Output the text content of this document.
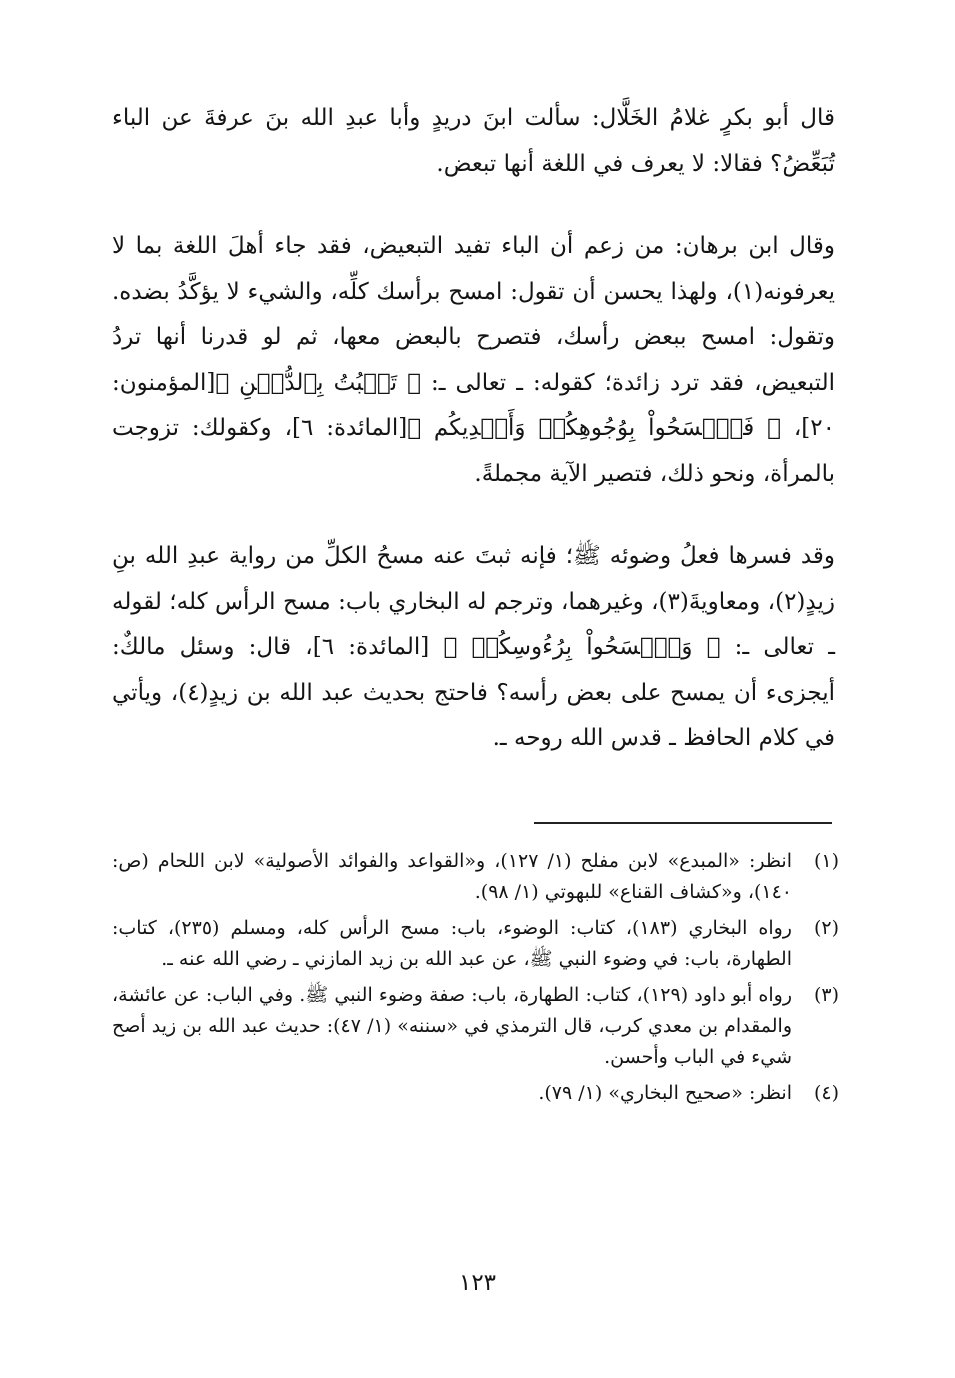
قال أبو بكرٍ غلامُ الخَلَّال: سألت ابنَ دريدٍ وأبا عبدِ الله بنَ عرفةَ عن الباء تُبَعِّضُ؟ فقالا: لا يعرف في اللغة أنها تبعض.

وقال ابن برهان: من زعم أن الباء تفيد التبعيض، فقد جاء أهلَ اللغة بما لا يعرفونه(١)، ولهذا يحسن أن تقول: امسح برأسك كلِّه، والشيء لا يؤكَّدُ بضده. وتقول: امسح ببعض رأسك، فتصرح بالبعض معها، ثم لو قدرنا أنها تردُ التبعيض، فقد ترد زائدة؛ كقوله: ـ تعالى ـ: ﴿ تَنۢبُتُ بِٱلدُّهۡنِ ﴾[المؤمنون: ٢٠]، ﴿ فَٱمۡسَحُواْ بِوُجُوهِكُمۡ وَأَيۡدِيكُم ﴾[المائدة: ٦]، وكقولك: تزوجت بالمرأة، ونحو ذلك، فتصير الآية مجملةً.

وقد فسرها فعلُ وضوئه ﷺ؛ فإنه ثبتَ عنه مسحُ الكلِّ من رواية عبدِ الله بنِ زيدٍ(٢)، ومعاويةَ(٣)، وغيرهما، وترجم له البخاري باب: مسح الرأس كله؛ لقوله ـ تعالى ـ: ﴿ وَٱمۡسَحُواْ بِرُءُوسِكُمۡ ﴾ [المائدة: ٦]، قال: وسئل مالكٌ: أيجزىء أن يمسح على بعض رأسه؟ فاحتج بحديث عبد الله بن زيدٍ(٤)، ويأتي في كلام الحافظ ـ قدس الله روحه ـ.

(١)
انظر: «المبدع» لابن مفلح (١/ ١٢٧)، و«القواعد والفوائد الأصولية» لابن اللحام (ص: ١٤٠)، و«كشاف القناع» للبهوتي (١/ ٩٨).
(٢)
رواه البخاري (١٨٣)، كتاب: الوضوء، باب: مسح الرأس كله، ومسلم (٢٣٥)، كتاب: الطهارة، باب: في وضوء النبي ﷺ، عن عبد الله بن زيد المازني ـ رضي الله عنه ـ.
(٣)
رواه أبو داود (١٢٩)، كتاب: الطهارة، باب: صفة وضوء النبي ﷺ. وفي الباب: عن عائشة، والمقدام بن معدي كرب، قال الترمذي في «سننه» (١/ ٤٧): حديث عبد الله بن زيد أصح شيء في الباب وأحسن.
(٤)
انظر: «صحيح البخاري» (١/ ٧٩).
١٢٣
